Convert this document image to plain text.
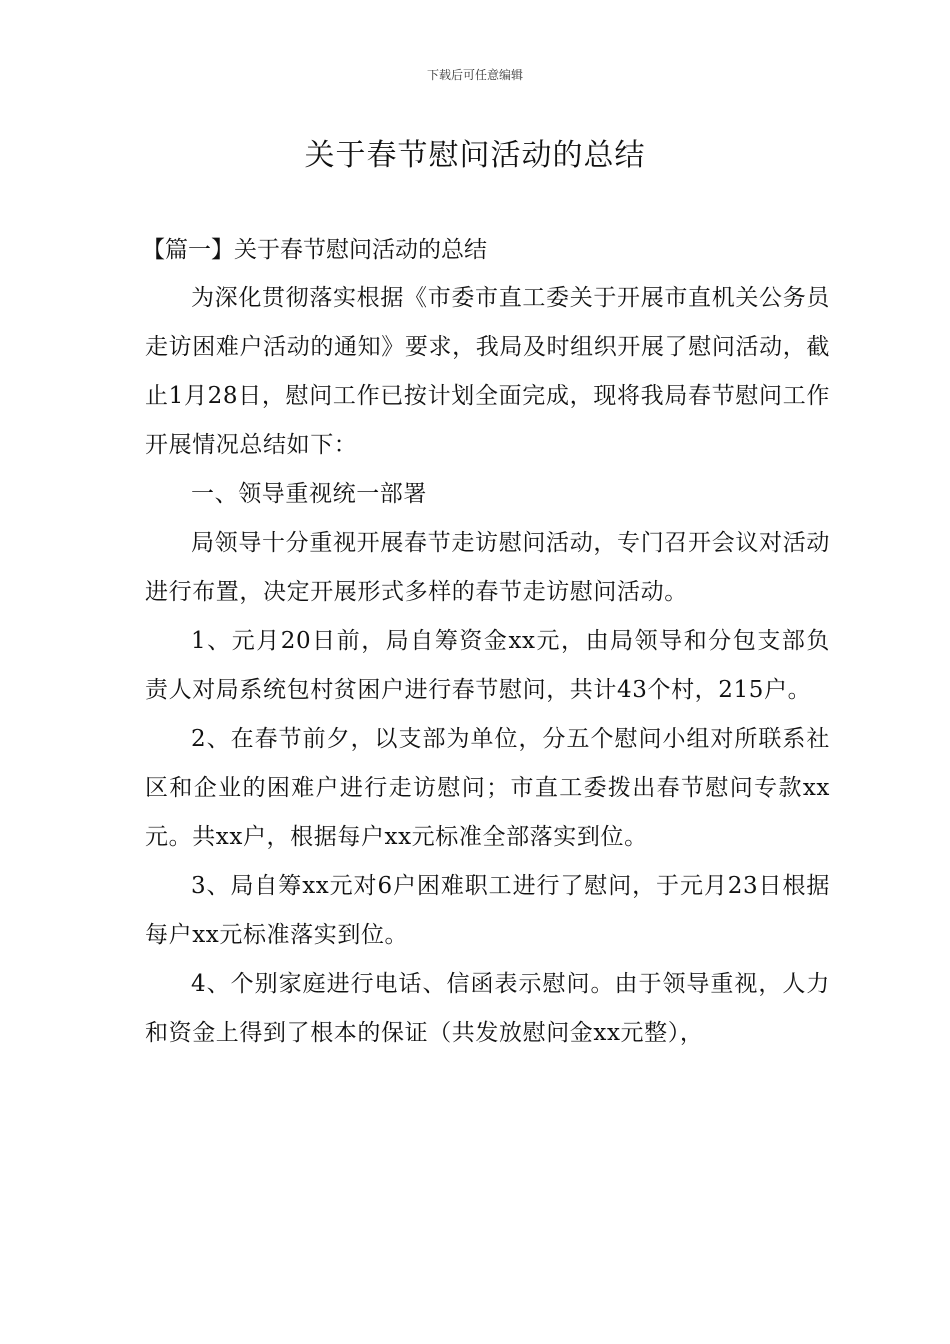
下载后可任意编辑
关于春节慰问活动的总结
【篇一】关于春节慰问活动的总结

为深化贯彻落实根据《市委市直工委关于开展市直机关公务员走访困难户活动的通知》要求，我局及时组织开展了慰问活动，截止1月28日，慰问工作已按计划全面完成，现将我局春节慰问工作开展情况总结如下：

一、领导重视统一部署

局领导十分重视开展春节走访慰问活动，专门召开会议对活动进行布置，决定开展形式多样的春节走访慰问活动。

1、元月20日前，局自筹资金xx元，由局领导和分包支部负责人对局系统包村贫困户进行春节慰问，共计43个村，215户。

2、在春节前夕，以支部为单位，分五个慰问小组对所联系社区和企业的困难户进行走访慰问；市直工委拨出春节慰问专款xx元。共xx户，根据每户xx元标准全部落实到位。

3、局自筹xx元对6户困难职工进行了慰问，于元月23日根据每户xx元标准落实到位。

4、个别家庭进行电话、信函表示慰问。由于领导重视，人力和资金上得到了根本的保证（共发放慰问金xx元整），
